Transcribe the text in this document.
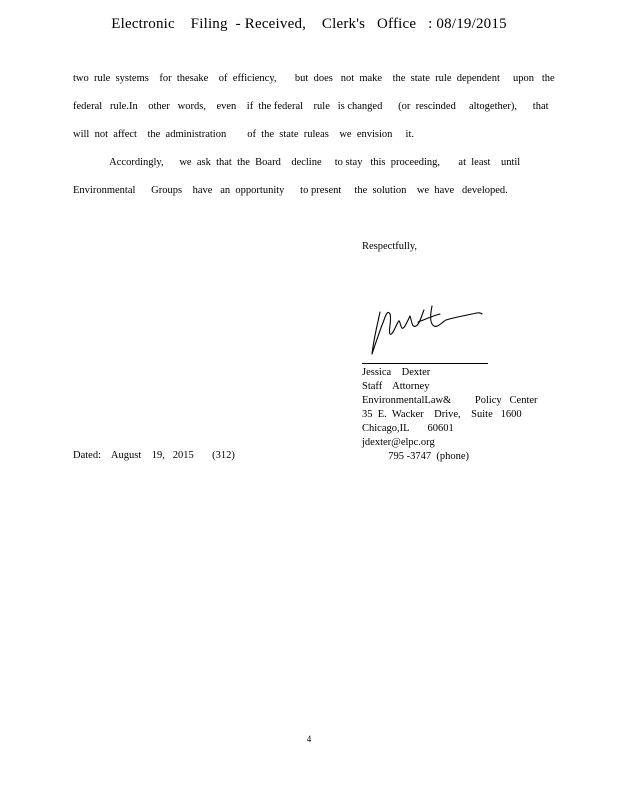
Electronic    Filing  - Received,    Clerk's   Office   : 08/19/2015
two  rule  systems    for  thesake    of  efficiency,       but  does   not  make    the  state  rule  dependent     upon   the
federal   rule.In    other   words,    even    if  the federal    rule   is changed      (or  rescinded     altogether),      that
will  not  affect    the  administration        of  the  state  ruleas    we  envision     it.
Accordingly,      we  ask  that  the  Board    decline     to stay   this  proceeding,       at  least    until
Environmental      Groups    have   an  opportunity      to present     the  solution    we  have   developed.
Respectfully,
Jessica    Dexter
Staff    Attorney
EnvironmentalLaw&         Policy   Center
35  E.  Wacker    Drive,    Suite   1600
Chicago,IL       60601
jdexter@elpc.org
795 -3747  (phone)
Dated:    August    19,   2015       (312)
4
